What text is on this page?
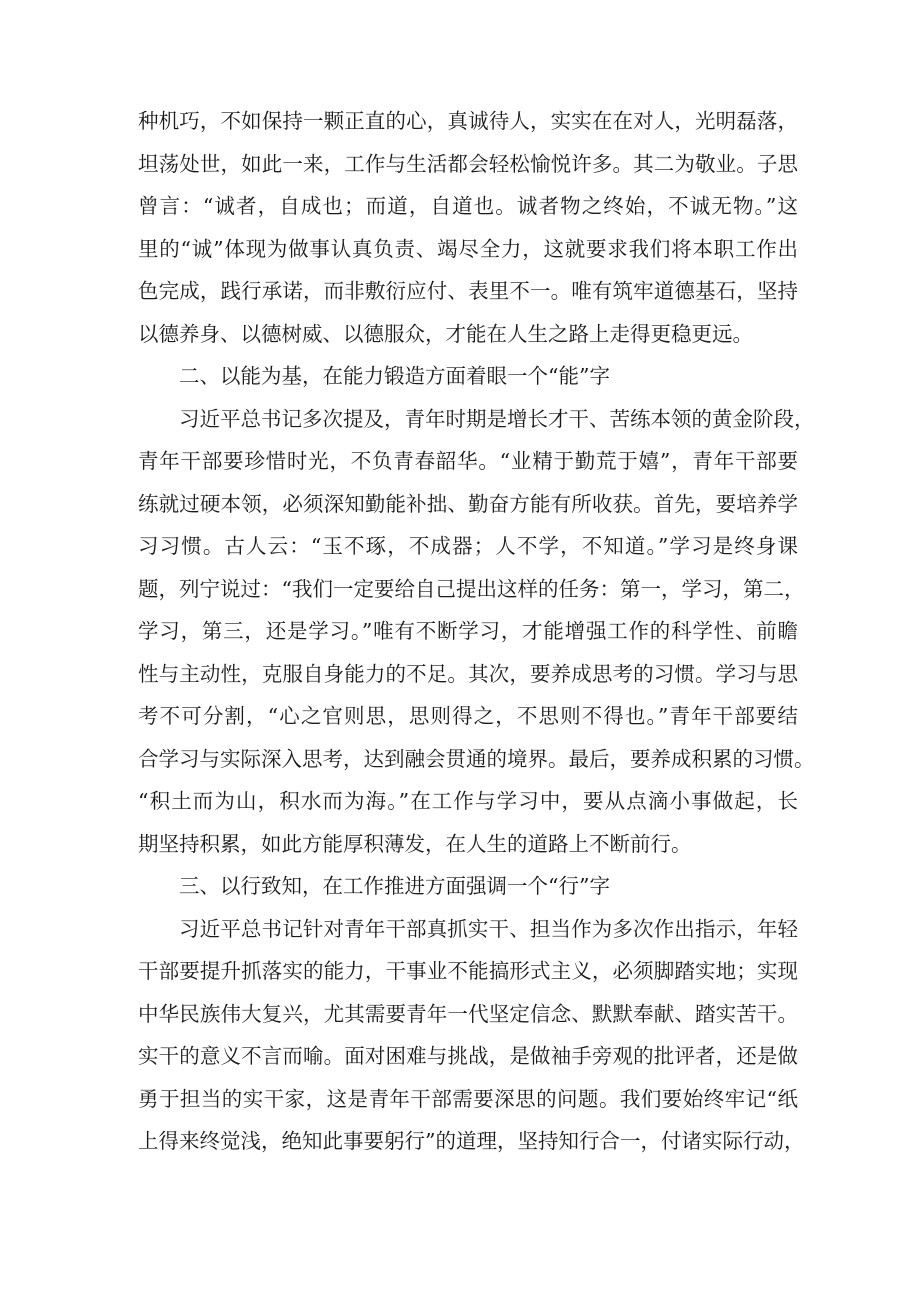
种机巧，不如保持一颗正直的心，真诚待人，实实在在对人，光明磊落，
坦荡处世，如此一来，工作与生活都会轻松愉悦许多。其二为敬业。子思
曾言：“诚者，自成也；而道，自道也。诚者物之终始，不诚无物。”这
里的“诚”体现为做事认真负责、竭尽全力，这就要求我们将本职工作出
色完成，践行承诺，而非敷衍应付、表里不一。唯有筑牢道德基石，坚持
以德养身、以德树威、以德服众，才能在人生之路上走得更稳更远。
二、以能为基，在能力锻造方面着眼一个“能”字
习近平总书记多次提及，青年时期是增长才干、苦练本领的黄金阶段，
青年干部要珍惜时光，不负青春韶华。“业精于勤荒于嬉”，青年干部要
练就过硬本领，必须深知勤能补拙、勤奋方能有所收获。首先，要培养学
习习惯。古人云：“玉不琢，不成器；人不学，不知道。”学习是终身课
题，列宁说过：“我们一定要给自己提出这样的任务：第一，学习，第二，
学习，第三，还是学习。”唯有不断学习，才能增强工作的科学性、前瞻
性与主动性，克服自身能力的不足。其次，要养成思考的习惯。学习与思
考不可分割，“心之官则思，思则得之，不思则不得也。”青年干部要结
合学习与实际深入思考，达到融会贯通的境界。最后，要养成积累的习惯。
“积土而为山，积水而为海。”在工作与学习中，要从点滴小事做起，长
期坚持积累，如此方能厚积薄发，在人生的道路上不断前行。
三、以行致知，在工作推进方面强调一个“行”字
习近平总书记针对青年干部真抓实干、担当作为多次作出指示，年轻
干部要提升抓落实的能力，干事业不能搞形式主义，必须脚踏实地；实现
中华民族伟大复兴，尤其需要青年一代坚定信念、默默奉献、踏实苦干。
实干的意义不言而喻。面对困难与挑战，是做袖手旁观的批评者，还是做
勇于担当的实干家，这是青年干部需要深思的问题。我们要始终牢记“纸
上得来终觉浅，绝知此事要躬行”的道理，坚持知行合一，付诸实际行动，
